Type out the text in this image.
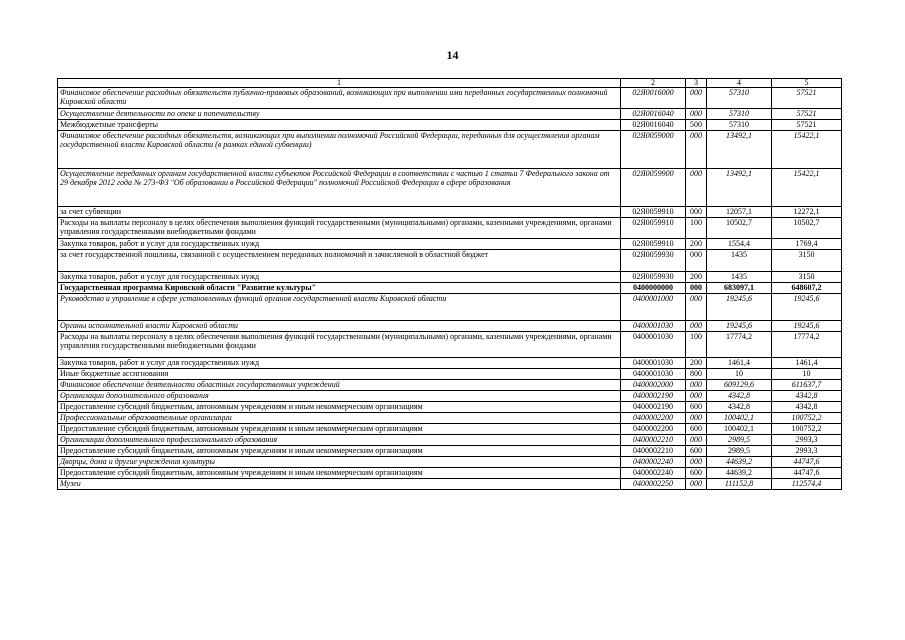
14
1	2	3	4	5
Финансовое обеспечение расходных обязательств публично-правовых образований, возникающих при выполнении ими переданных государственных полномочий Кировской области	02Я0016000	000	57310	57521
Осуществление деятельности по опеке и попечительству	02Я0016040	000	57310	57521
Межбюджетные трансферты	02Я0016040	500	57310	57521
Финансовое обеспечение расходных обязательств, возникающих при выполнении полномочий Российской Федерации, переданных для осуществления органам государственной власти Кировской области (в рамках единой субвенции)	02Я0059000	000	13492,1	15422,1
Осуществление переданных органам государственной власти субъектов Российской Федерации в соответствии с частью 1 статьи 7 Федерального закона от 29 декабря 2012 года № 273-ФЗ "Об образовании в Российской Федерации" полномочий Российской Федерации в сфере образования	02Я0059900	000	13492,1	15422,1
за счет субвенции	02Я0059910	000	12057,1	12272,1
Расходы на выплаты персоналу в целях обеспечения выполнения функций государственными (муниципальными) органами, казенными учреждениями, органами управления государственными внебюджетными фондами	02Я0059910	100	10502,7	10502,7
Закупка товаров, работ и услуг для государственных нужд	02Я0059910	200	1554,4	1769,4
за счет государственной пошлины, связанной с осуществлением переданных полномочий и зачисляемой в областной бюджет	02Я0059930	000	1435	3150
Закупка товаров, работ и услуг для государственных нужд	02Я0059930	200	1435	3150
Государственная программа Кировской области "Развитие культуры"	0400000000	000	683097,1	648607,2
Руководство и управление в сфере установленных функций органов государственной власти Кировской области	0400001000	000	19245,6	19245,6
Органы исполнительной власти Кировской области	0400001030	000	19245,6	19245,6
Расходы на выплаты персоналу в целях обеспечения выполнения функций государственными (муниципальными) органами, казенными учреждениями, органами управления государственными внебюджетными фондами	0400001030	100	17774,2	17774,2
Закупка товаров, работ и услуг для государственных нужд	0400001030	200	1461,4	1461,4
Иные бюджетные ассигнования	0400001030	800	10	10
Финансовое обеспечение деятельности областных государственных учреждений	0400002000	000	609129,6	611637,7
Организации дополнительного образования	0400002190	000	4342,8	4342,8
Предоставление субсидий бюджетным, автономным учреждениям и иным некоммерческим организациям	0400002190	600	4342,8	4342,8
Профессиональные образовательные организации	0400002200	000	100402,1	100752,2
Предоставление субсидий бюджетным, автономным учреждениям и иным некоммерческим организациям	0400002200	600	100402,1	100752,2
Организации дополнительного профессионального образования	0400002210	000	2989,5	2993,3
Предоставление субсидий бюджетным, автономным учреждениям и иным некоммерческим организациям	0400002210	600	2989,5	2993,3
Дворцы, дома и другие учреждения культуры	0400002240	000	44639,2	44747,6
Предоставление субсидий бюджетным, автономным учреждениям и иным некоммерческим организациям	0400002240	600	44639,2	44747,6
Музеи	0400002250	000	111152,8	112574,4
